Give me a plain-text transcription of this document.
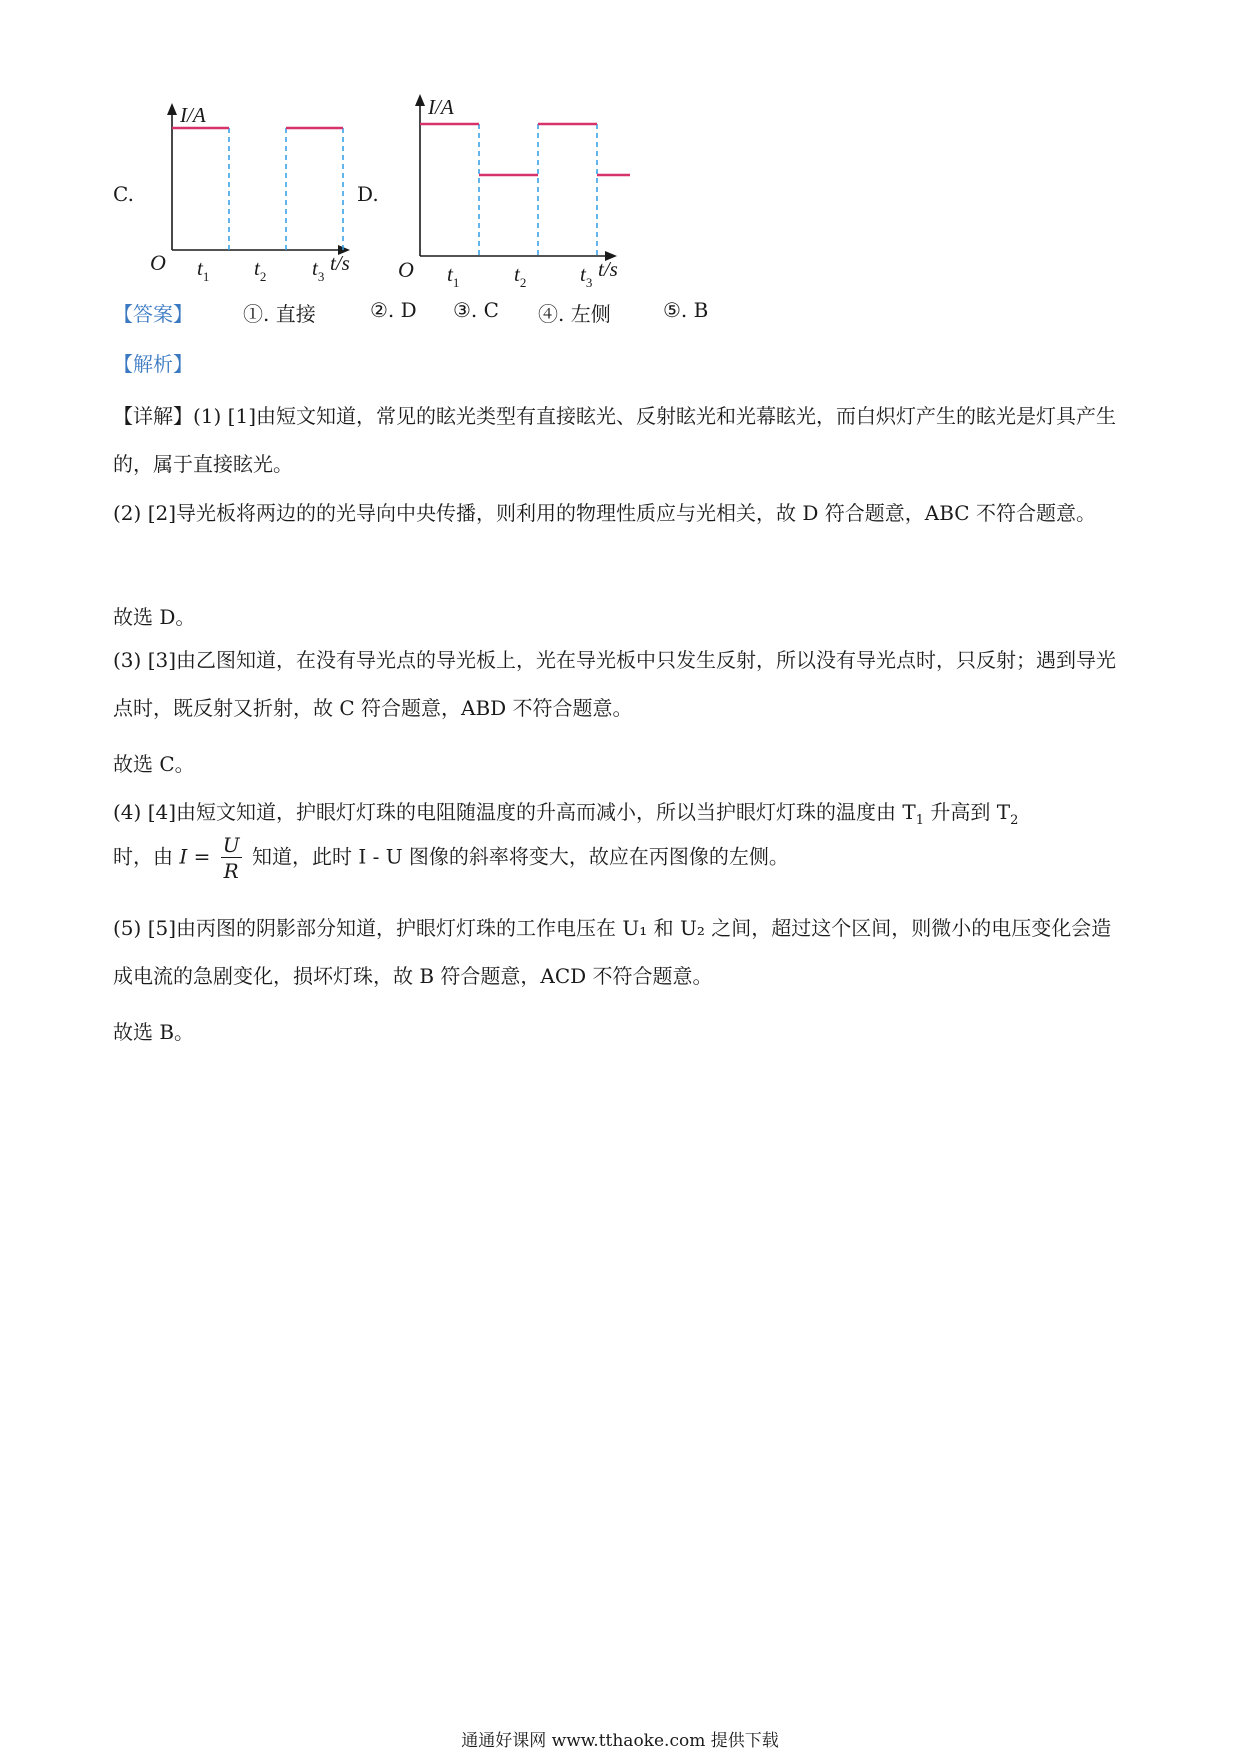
C.	D.
I/A
O $t_1$ $t_2$ $t_3$
t/s
I/A
O $t_1$	$t_2$	$t_3$
t/s
【答案】	①. 直接	②. D ③. C ④. 左侧	⑤. B
【解析】
【详解】(1) [1]由短文知道，常见的眩光类型有直接眩光、反射眩光和光幕眩光，而白炽灯产生的眩光是灯具产生的，属于直接眩光。
(2) [2]导光板将两边的的光导向中央传播，则利用的物理性质应与光相关，故 D 符合题意，ABC 不符合题意。
故选 D。
(3) [3]由乙图知道，在没有导光点的导光板上，光在导光板中只发生反射，所以没有导光点时，只反射；遇到导光点时，既反射又折射，故 C 符合题意，ABD 不符合题意。
故选 C。
(4) [4]由短文知道，护眼灯灯珠的电阻随温度的升高而减小，所以当护眼灯灯珠的温度由 $T_1$ 升高到 $T_2$
时，由 $I = \frac{U}{R}$ 知道，此时 I - U 图像的斜率将变大，故应在丙图像的左侧。
(5) [5]由丙图的阴影部分知道，护眼灯灯珠的工作电压在 U₁ 和 U₂ 之间，超过这个区间，则微小的电压变化会造成电流的急剧变化，损坏灯珠，故 B 符合题意，ACD 不符合题意。
故选 B。
通通好课网 www.tthaoke.com 提供下载
